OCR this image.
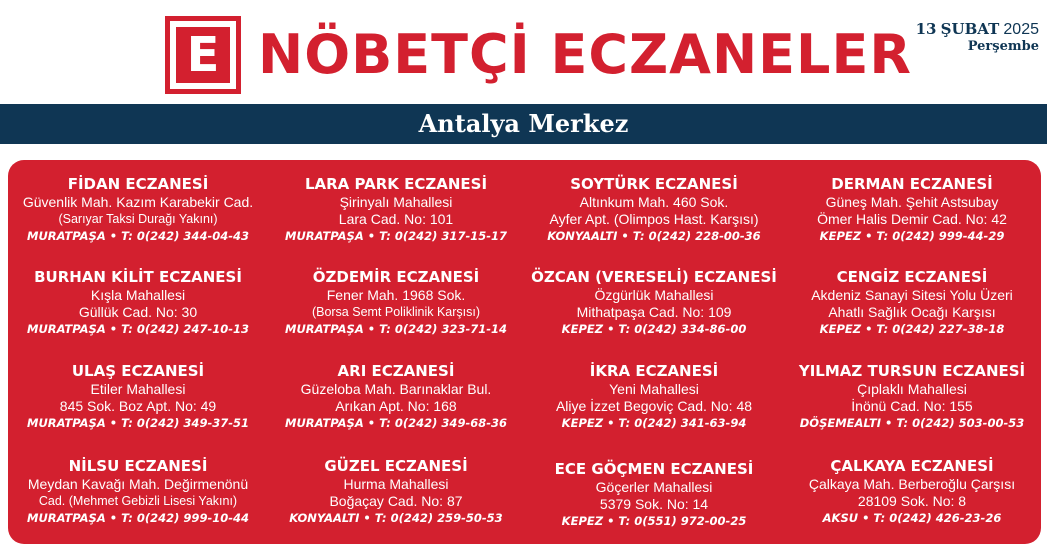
E NÖBETÇİ ECZANELER 13 ŞUBAT 2025
Perşembe
Antalya Merkez
FİDAN ECZANESİ
Güvenlik Mah. Kazım Karabekir Cad.
(Sarıyar Taksi Durağı Yakını)
MURATPAŞA • T: 0(242) 344-04-43
LARA PARK ECZANESİ
Şirinyalı Mahallesi
Lara Cad. No: 101
MURATPAŞA • T: 0(242) 317-15-17
SOYTÜRK ECZANESİ
Altınkum Mah. 460 Sok.
Ayfer Apt. (Olimpos Hast. Karşısı)
KONYAALTI • T: 0(242) 228-00-36
DERMAN ECZANESİ
Güneş Mah. Şehit Astsubay
Ömer Halis Demir Cad. No: 42
KEPEZ • T: 0(242) 999-44-29
BURHAN KİLİT ECZANESİ
Kışla Mahallesi
Güllük Cad. No: 30
MURATPAŞA • T: 0(242) 247-10-13
ÖZDEMİR ECZANESİ
Fener Mah. 1968 Sok.
(Borsa Semt Poliklinik Karşısı)
MURATPAŞA • T: 0(242) 323-71-14
ÖZCAN (VERESELİ) ECZANESİ
Özgürlük Mahallesi
Mithatpaşa Cad. No: 109
KEPEZ • T: 0(242) 334-86-00
CENGİZ ECZANESİ
Akdeniz Sanayi Sitesi Yolu Üzeri
Ahatlı Sağlık Ocağı Karşısı
KEPEZ • T: 0(242) 227-38-18
ULAŞ ECZANESİ
Etiler Mahallesi
845 Sok. Boz Apt. No: 49
MURATPAŞA • T: 0(242) 349-37-51
ARI ECZANESİ
Güzeloba Mah. Barınaklar Bul.
Arıkan Apt. No: 168
MURATPAŞA • T: 0(242) 349-68-36
İKRA ECZANESİ
Yeni Mahallesi
Aliye İzzet Begoviç Cad. No: 48
KEPEZ • T: 0(242) 341-63-94
YILMAZ TURSUN ECZANESİ
Çıplaklı Mahallesi
İnönü Cad. No: 155
DÖŞEMEALTI • T: 0(242) 503-00-53
NİLSU ECZANESİ
Meydan Kavağı Mah. Değirmenönü
Cad. (Mehmet Gebizli Lisesi Yakını)
MURATPAŞA • T: 0(242) 999-10-44
GÜZEL ECZANESİ
Hurma Mahallesi
Boğaçay Cad. No: 87
KONYAALTI • T: 0(242) 259-50-53
ECE GÖÇMEN ECZANESİ
Göçerler Mahallesi
5379 Sok. No: 14
KEPEZ • T: 0(551) 972-00-25
ÇALKAYA ECZANESİ
Çalkaya Mah. Berberoğlu Çarşısı
28109 Sok. No: 8
AKSU • T: 0(242) 426-23-26
